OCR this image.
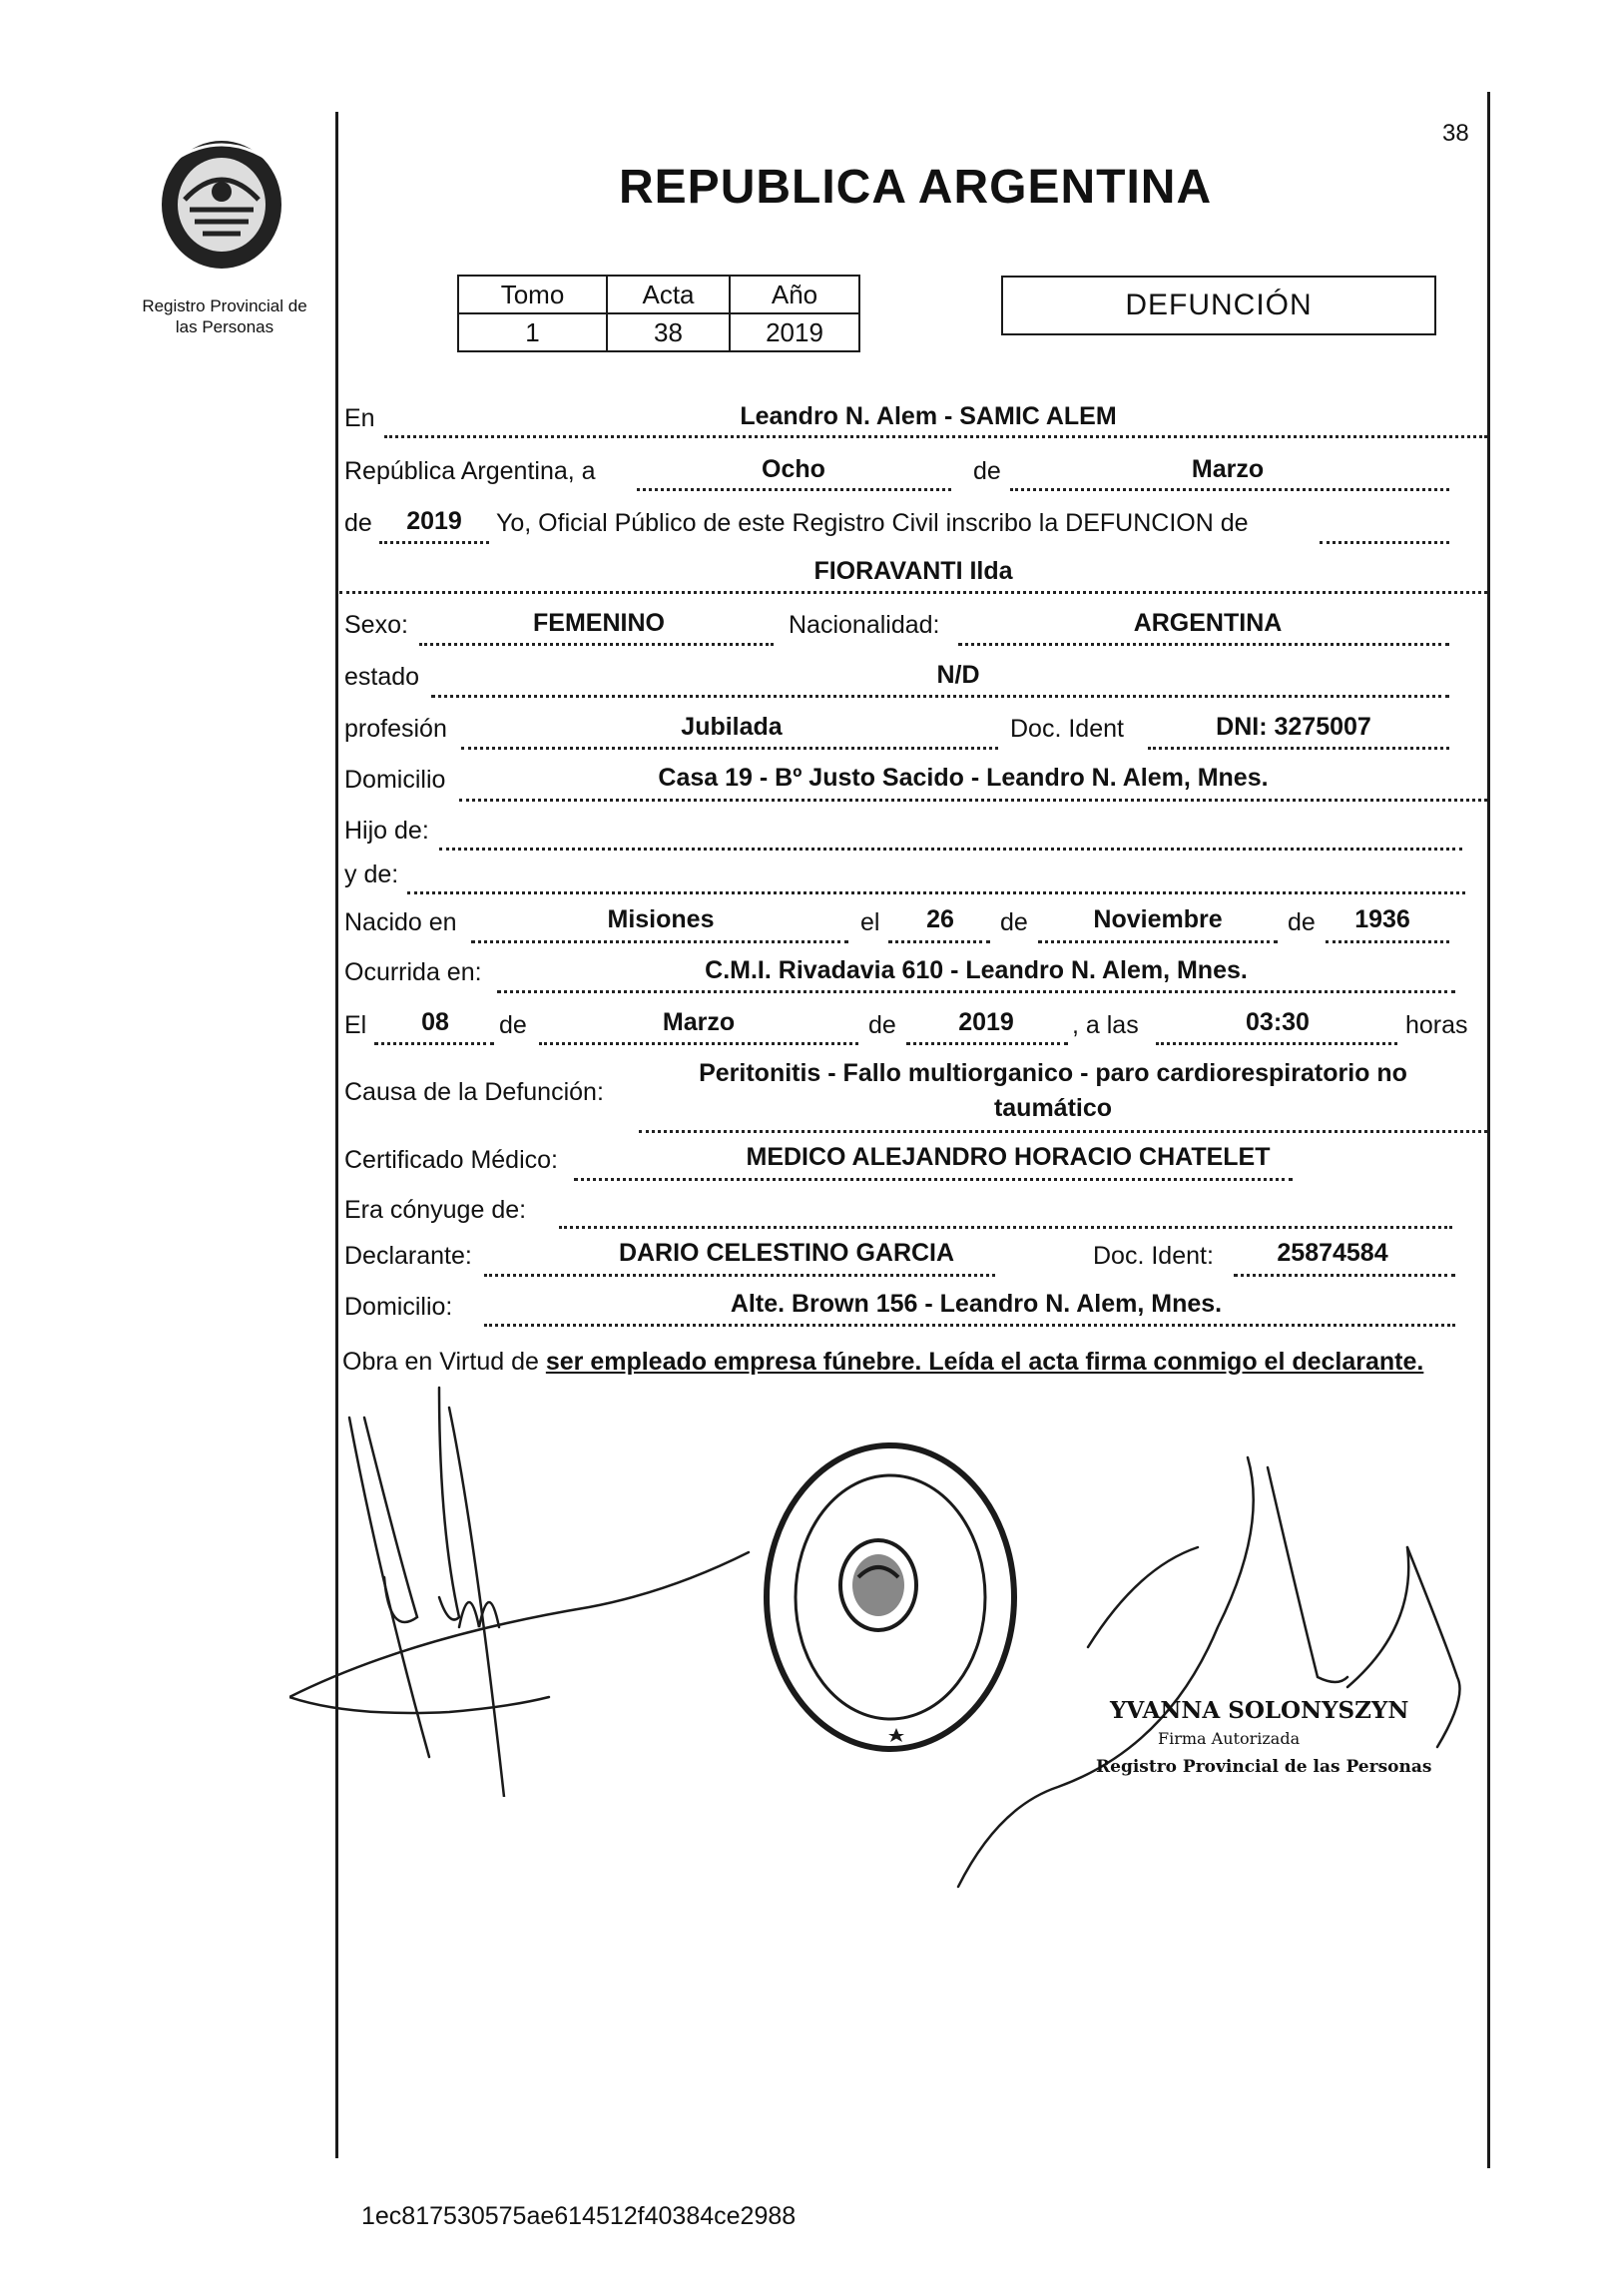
38
Registro Provincial de
las Personas
REPUBLICA ARGENTINA
Tomo	Acta	Año
1	38	2019
DEFUNCIÓN
En	Leandro N. Alem - SAMIC ALEM
República Argentina, a	Ocho	de	Marzo
de 2019 Yo, Oficial Público de este Registro Civil inscribo la DEFUNCION de
FIORAVANTI Ilda
Sexo:	FEMENINO	Nacionalidad:	ARGENTINA
estado	N/D
profesión	Jubilada	Doc. Ident	DNI: 3275007
Domicilio	Casa 19 - Bº Justo Sacido - Leandro N. Alem, Mnes.
Hijo de:
y de:
Nacido en	Misiones	el 26 de	Noviembre	de 1936
Ocurrida en:	C.M.I. Rivadavia 610 - Leandro N. Alem, Mnes.
El 08 de	Marzo	de 2019 , a las	03:30	horas
Causa de la Defunción:
Peritonitis - Fallo multiorganico - paro cardiorespiratorio no
taumático
Certificado Médico:	MEDICO ALEJANDRO HORACIO CHATELET
Era cónyuge de:
Declarante:	DARIO CELESTINO GARCIA	Doc. Ident:	25874584
Domicilio:	Alte. Brown 156 - Leandro N. Alem, Mnes.
Obra en Virtud de ser empleado empresa fúnebre. Leída el acta firma conmigo el declarante.
YVANNA SOLONYSZYN
Firma Autorizada
Registro Provincial de las Personas
1ec817530575ae614512f40384ce2988
